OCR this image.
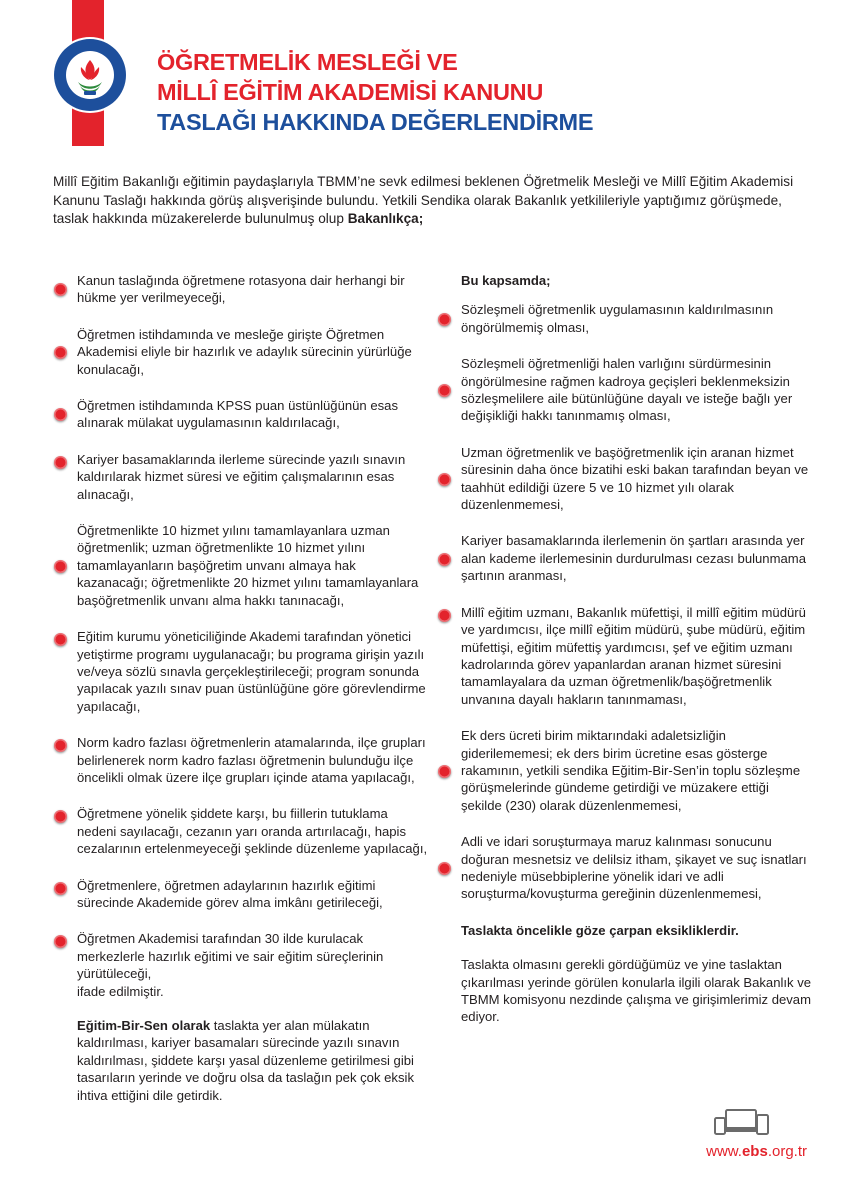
ÖĞRETMELİK MESLEĞİ VE
MİLLÎ EĞİTİM AKADEMİSİ KANUNU
TASLAĞI HAKKINDA DEĞERLENDİRME

Millî Eğitim Bakanlığı eğitimin paydaşlarıyla TBMM’ne sevk edilmesi beklenen Öğretmelik Mesleği ve Millî Eğitim Akademisi Kanunu Taslağı hakkında görüş alışverişinde bulundu. Yetkili Sendika olarak Bakanlık yetkilileriyle yaptığımız görüşmede, taslak hakkında müzakerelerde bulunulmuş olup Bakanlıkça;

Kanun taslağında öğretmene rotasyona dair herhangi bir hükme yer verilmeyeceği,
Öğretmen istihdamında ve mesleğe girişte Öğretmen Akademisi eliyle bir hazırlık ve adaylık sürecinin yürürlüğe konulacağı,
Öğretmen istihdamında KPSS puan üstünlüğünün esas alınarak mülakat uygulamasının kaldırılacağı,
Kariyer basamaklarında ilerleme sürecinde yazılı sınavın kaldırılarak hizmet süresi ve eğitim çalışmalarının esas alınacağı,
Öğretmenlikte 10 hizmet yılını tamamlayanlara uzman öğretmenlik; uzman öğretmenlikte 10 hizmet yılını tamamlayanların başöğretim unvanı almaya hak kazanacağı; öğretmenlikte 20 hizmet yılını tamamlayanlara başöğretmenlik unvanı alma hakkı tanınacağı,
Eğitim kurumu yöneticiliğinde Akademi tarafından yönetici yetiştirme programı uygulanacağı; bu programa girişin yazılı ve/veya sözlü sınavla gerçekleştirileceği; program sonunda yapılacak yazılı sınav puan üstünlüğüne göre görevlendirme yapılacağı,
Norm kadro fazlası öğretmenlerin atamalarında, ilçe grupları belirlenerek norm kadro fazlası öğretmenin bulunduğu ilçe öncelikli olmak üzere ilçe grupları içinde atama yapılacağı,
Öğretmene yönelik şiddete karşı, bu fiillerin tutuklama nedeni sayılacağı, cezanın yarı oranda artırılacağı, hapis cezalarının ertelenmeyeceği şeklinde düzenleme yapılacağı,
Öğretmenlere, öğretmen adaylarının hazırlık eğitimi sürecinde Akademide görev alma imkânı getirileceği,
Öğretmen Akademisi tarafından 30 ilde kurulacak merkezlerle hazırlık eğitimi ve sair eğitim süreçlerinin yürütüleceği,
ifade edilmiştir.
Eğitim-Bir-Sen olarak taslakta yer alan mülakatın kaldırılması, kariyer basamaları sürecinde yazılı sınavın kaldırılması, şiddete karşı yasal düzenleme getirilmesi gibi tasarıların yerinde ve doğru olsa da taslağın pek çok eksik ihtiva ettiğini dile getirdik.
Bu kapsamda;
Sözleşmeli öğretmenlik uygulamasının kaldırılmasının öngörülmemiş olması,
Sözleşmeli öğretmenliği halen varlığını sürdürmesinin öngörülmesine rağmen kadroya geçişleri beklenmeksizin sözleşmelilere aile bütünlüğüne dayalı ve isteğe bağlı yer değişikliği hakkı tanınmamış olması,
Uzman öğretmenlik ve başöğretmenlik için aranan hizmet süresinin daha önce bizatihi eski bakan tarafından beyan ve taahhüt edildiği üzere 5 ve 10 hizmet yılı olarak düzenlenmemesi,
Kariyer basamaklarında ilerlemenin ön şartları arasında yer alan kademe ilerlemesinin durdurulması cezası bulunmama şartının aranması,
Millî eğitim uzmanı, Bakanlık müfettişi, il millî eğitim müdürü ve yardımcısı, ilçe millî eğitim müdürü, şube müdürü, eğitim müfettişi, eğitim müfettiş yardımcısı, şef ve eğitim uzmanı kadrolarında görev yapanlardan aranan hizmet süresini tamamlayalara da uzman öğretmenlik/başöğretmenlik unvanına dayalı hakların tanınmaması,
Ek ders ücreti birim miktarındaki adaletsizliğin giderilememesi; ek ders birim ücretine esas gösterge rakamının, yetkili sendika Eğitim-Bir-Sen’in toplu sözleşme görüşmelerinde gündeme getirdiği ve müzakere ettiği şekilde (230) olarak düzenlenmemesi,
Adli ve idari soruşturmaya maruz kalınması sonucunu doğuran mesnetsiz ve delilsiz itham, şikayet ve suç isnatları nedeniyle müsebbiplerine yönelik idari ve adli soruşturma/kovuşturma gereğinin düzenlenmemesi,
Taslakta öncelikle göze çarpan eksikliklerdir.
Taslakta olmasını gerekli gördüğümüz ve yine taslaktan çıkarılması yerinde görülen konularla ilgili olarak Bakanlık ve TBMM komisyonu nezdinde çalışma ve girişimlerimiz devam ediyor.
www.ebs.org.tr
